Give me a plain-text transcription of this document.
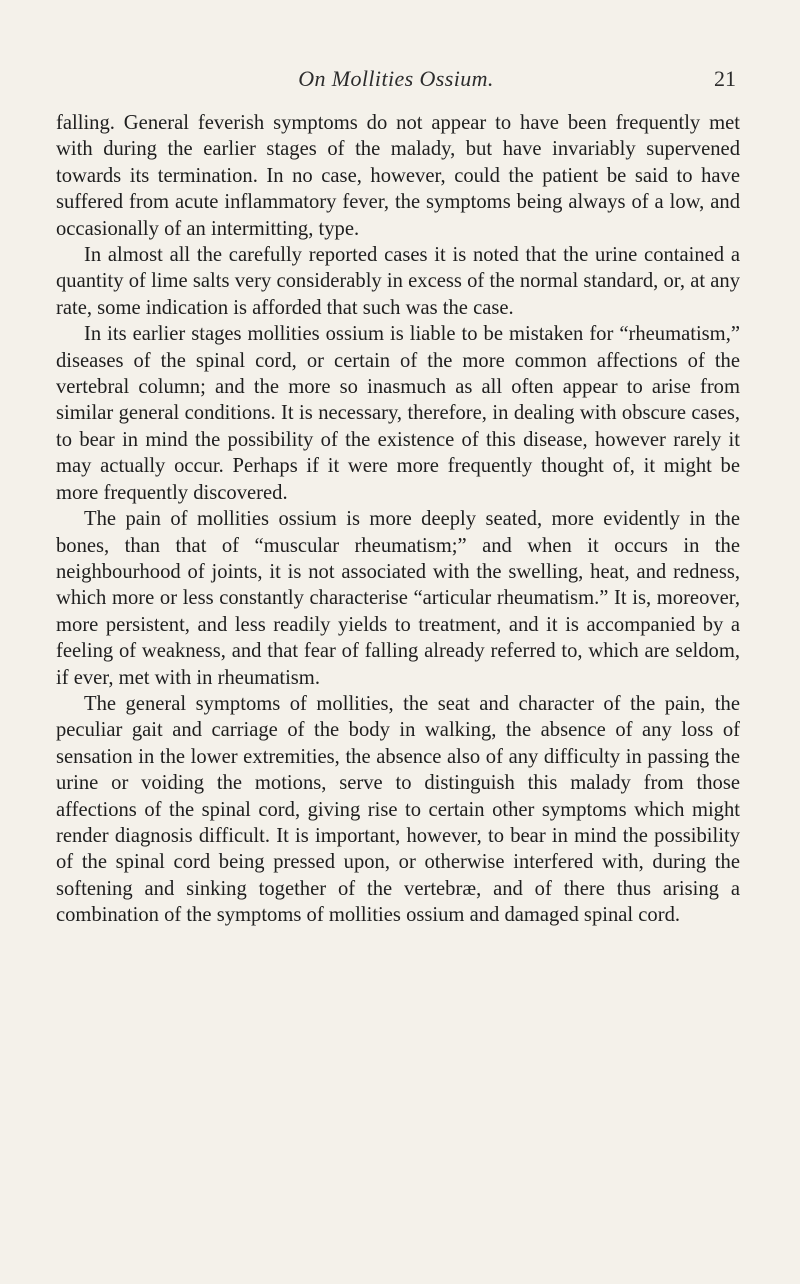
On Mollities Ossium.	21

falling. General feverish symptoms do not appear to have been frequently met with during the earlier stages of the malady, but have invariably supervened towards its termination. In no case, however, could the patient be said to have suffered from acute inflammatory fever, the symptoms being always of a low, and occasionally of an intermitting, type.

In almost all the carefully reported cases it is noted that the urine contained a quantity of lime salts very considerably in excess of the normal standard, or, at any rate, some indication is afforded that such was the case.

In its earlier stages mollities ossium is liable to be mistaken for “rheumatism,” diseases of the spinal cord, or certain of the more common affections of the vertebral column; and the more so inasmuch as all often appear to arise from similar general conditions. It is necessary, therefore, in dealing with obscure cases, to bear in mind the possibility of the existence of this disease, however rarely it may actually occur. Perhaps if it were more frequently thought of, it might be more frequently discovered.

The pain of mollities ossium is more deeply seated, more evidently in the bones, than that of “muscular rheumatism;” and when it occurs in the neighbourhood of joints, it is not associated with the swelling, heat, and redness, which more or less constantly characterise “articular rheumatism.” It is, moreover, more persistent, and less readily yields to treatment, and it is accompanied by a feeling of weakness, and that fear of falling already referred to, which are seldom, if ever, met with in rheumatism.

The general symptoms of mollities, the seat and character of the pain, the peculiar gait and carriage of the body in walking, the absence of any loss of sensation in the lower extremities, the absence also of any difficulty in passing the urine or voiding the motions, serve to distinguish this malady from those affections of the spinal cord, giving rise to certain other symptoms which might render diagnosis difficult. It is important, however, to bear in mind the possibility of the spinal cord being pressed upon, or otherwise interfered with, during the softening and sinking together of the vertebræ, and of there thus arising a combination of the symptoms of mollities ossium and damaged spinal cord.
